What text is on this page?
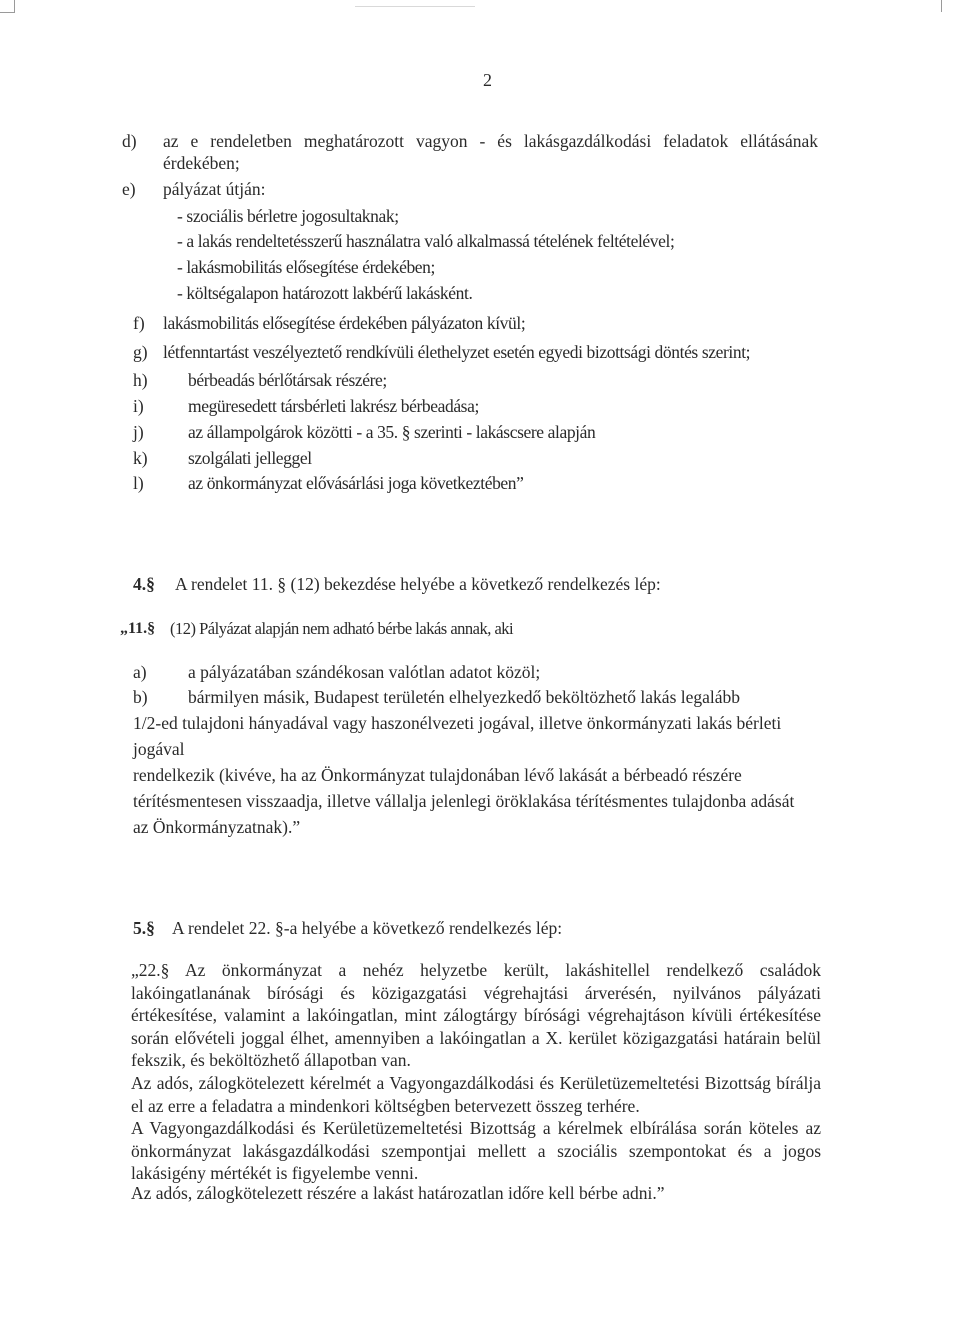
2
d) az e rendeletben meghatározott vagyon - és lakásgazdálkodási feladatok ellátásának
érdekében;
e) pályázat útján:
- szociális bérletre jogosultaknak;
- a lakás rendeltetésszerű használatra való alkalmassá tételének feltételével;
- lakásmobilitás elősegítése érdekében;
- költségalapon határozott lakbérű lakásként.
f) lakásmobilitás elősegítése érdekében pályázaton kívül;
g) létfenntartást veszélyeztető rendkívüli élethelyzet esetén egyedi bizottsági döntés szerint;
h) bérbeadás bérlőtársak részére;
i)	megüresedett társbérleti lakrész bérbeadása;
j)	az állampolgárok közötti - a 35. § szerinti - lakáscsere alapján
k) szolgálati jelleggel
l)	az önkormányzat elővásárlási joga következtében”
4.§ A rendelet 11. § (12) bekezdése helyébe a következő rendelkezés lép:
„11.§ (12) Pályázat alapján nem adható bérbe lakás annak, aki
a) a pályázatában szándékosan valótlan adatot közöl;
b) bármilyen másik, Budapest területén elhelyezkedő beköltözhető lakás legalább
1/2-ed tulajdoni hányadával vagy haszonélvezeti jogával, illetve önkormányzati lakás bérleti
jogával
rendelkezik (kivéve, ha az Önkormányzat tulajdonában lévő lakását a bérbeadó részére
térítésmentesen visszaadja, illetve vállalja jelenlegi öröklakása térítésmentes tulajdonba adását
az Önkormányzatnak).”
5.§ A rendelet 22. §-a helyébe a következő rendelkezés lép:
„22.§ Az önkormányzat a nehéz helyzetbe került, lakáshitellel rendelkező családok lakóingatlanának bírósági és közigazgatási végrehajtási árverésén, nyilvános pályázati értékesítése, valamint a lakóingatlan, mint zálogtárgy bírósági végrehajtáson kívüli értékesítése során elővételi joggal élhet, amennyiben a lakóingatlan a X. kerület közigazgatási határain belül fekszik, és beköltözhető állapotban van.
Az adós, zálogkötelezett kérelmét a Vagyongazdálkodási és Kerületüzemeltetési Bizottság bírálja el az erre a feladatra a mindenkori költségben betervezett összeg terhére.
A Vagyongazdálkodási és Kerületüzemeltetési Bizottság a kérelmek elbírálása során köteles az önkormányzat lakásgazdálkodási szempontjai mellett a szociális szempontokat és a jogos lakásigény mértékét is figyelembe venni.
Az adós, zálogkötelezett részére a lakást határozatlan időre kell bérbe adni.”
